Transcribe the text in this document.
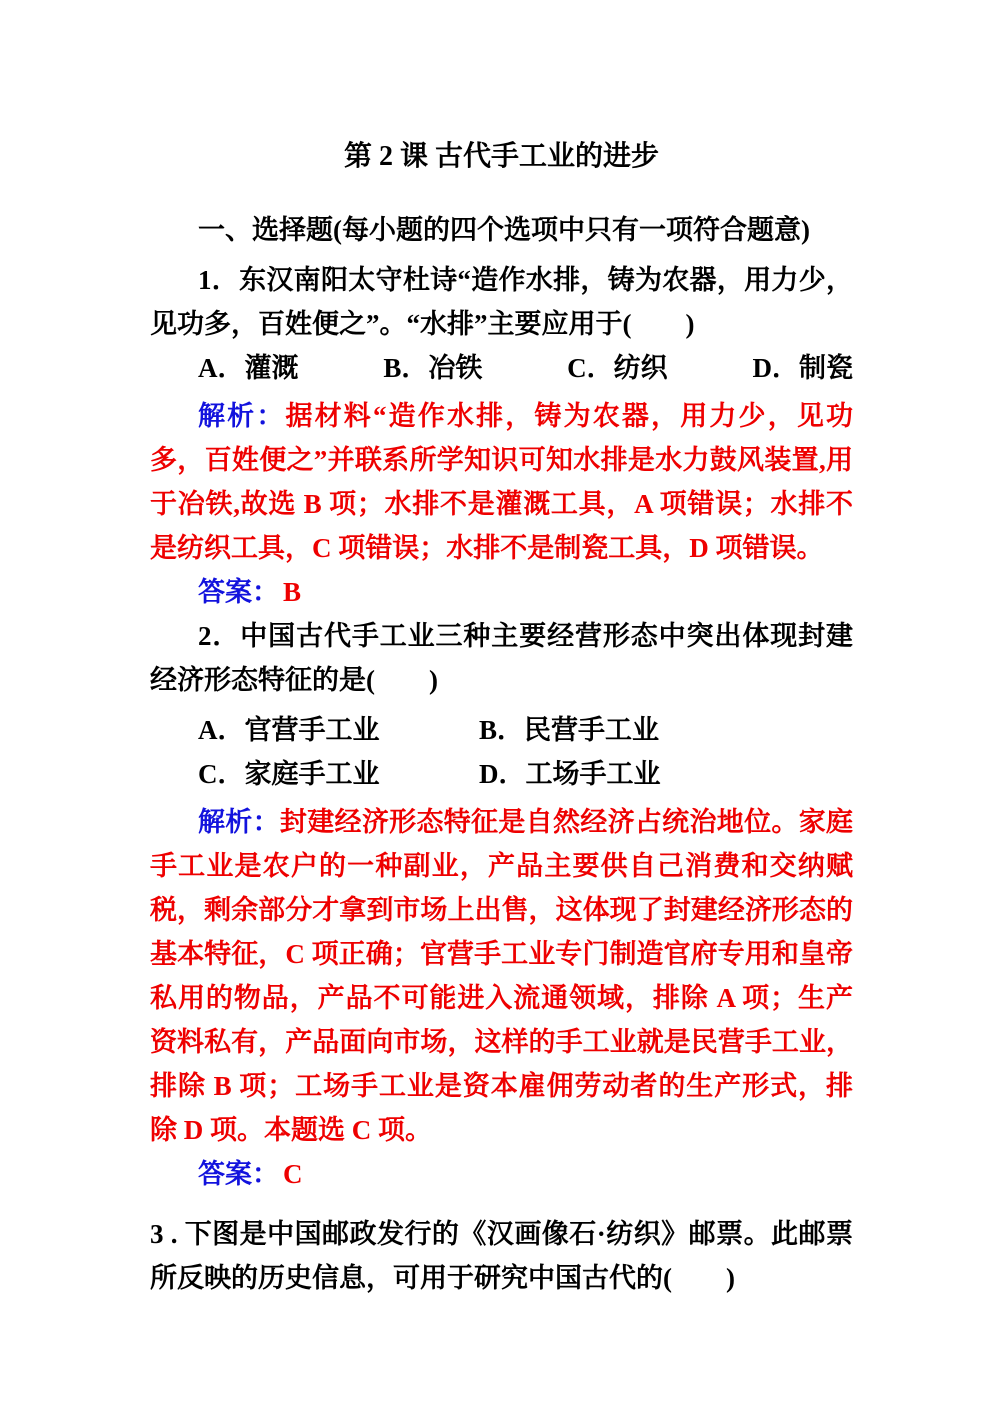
第 2 课 古代手工业的进步

一、选择题(每小题的四个选项中只有一项符合题意)

1．东汉南阳太守杜诗“造作水排，铸为农器，用力少，见功多，百姓便之”。“水排”主要应用于(　　)

A．灌溉	B．冶铁	C．纺织	D．制瓷

解析：据材料“造作水排，铸为农器，用力少，见功多，百姓便之”并联系所学知识可知水排是水力鼓风装置,用于冶铁,故选 B 项；水排不是灌溉工具，A 项错误；水排不是纺织工具，C 项错误；水排不是制瓷工具，D 项错误。

答案： B

2．中国古代手工业三种主要经营形态中突出体现封建经济形态特征的是(　　)

A．官营手工业	B．民营手工业
C．家庭手工业	D．工场手工业

解析：封建经济形态特征是自然经济占统治地位。家庭手工业是农户的一种副业，产品主要供自己消费和交纳赋税，剩余部分才拿到市场上出售，这体现了封建经济形态的基本特征，C 项正确；官营手工业专门制造官府专用和皇帝私用的物品，产品不可能进入流通领域，排除 A 项；生产资料私有，产品面向市场，这样的手工业就是民营手工业，排除 B 项；工场手工业是资本雇佣劳动者的生产形式，排除 D 项。本题选 C 项。

答案： C

3 . 下图是中国邮政发行的《汉画像石·纺织》邮票。此邮票所反映的历史信息，可用于研究中国古代的(　　)
